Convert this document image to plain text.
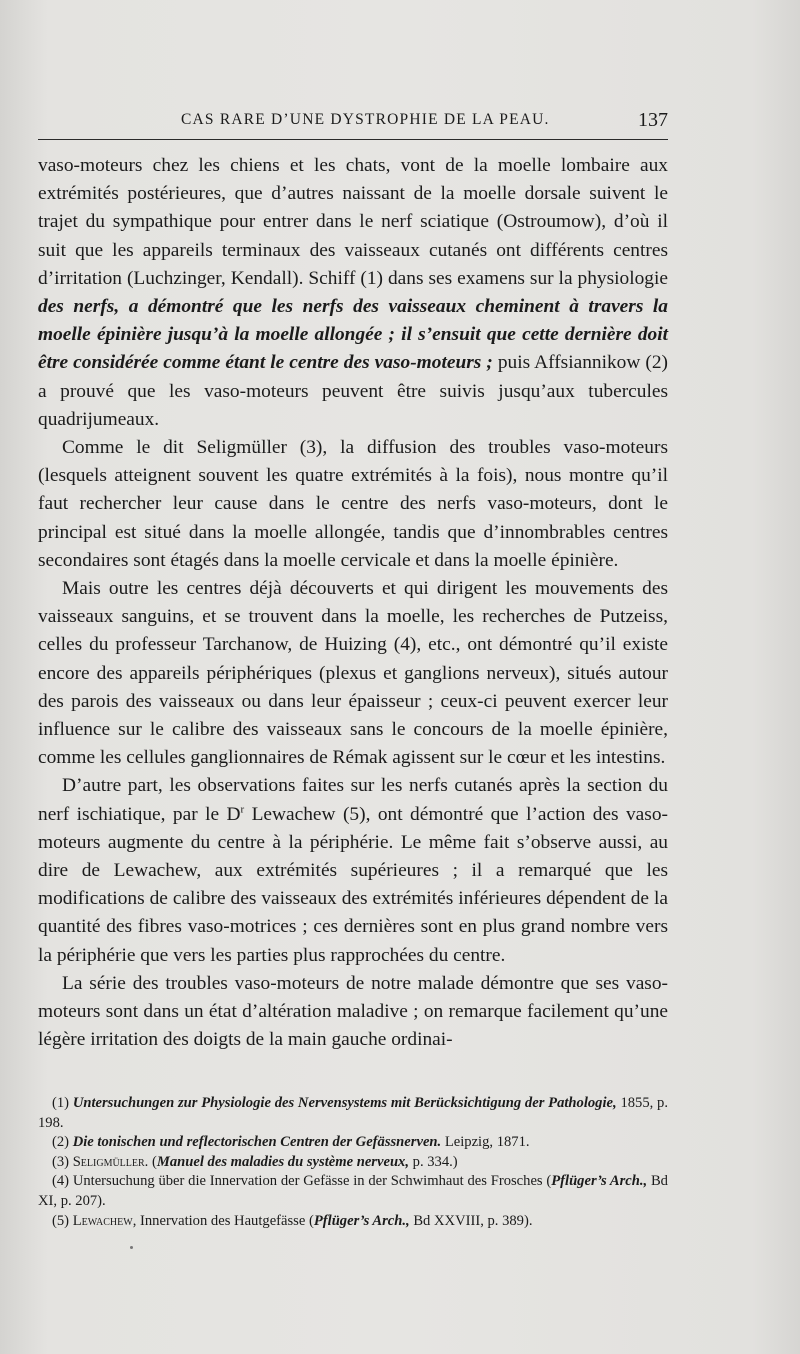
CAS RARE D’UNE DYSTROPHIE DE LA PEAU.	137

vaso-moteurs chez les chiens et les chats, vont de la moelle lombaire aux extrémités postérieures, que d’autres naissant de la moelle dorsale suivent le trajet du sympathique pour entrer dans le nerf sciatique (Ostroumow), d’où il suit que les appareils terminaux des vaisseaux cutanés ont différents centres d’irritation (Luchzinger, Kendall). Schiff (1) dans ses examens sur la physiologie des nerfs, a démontré que les nerfs des vaisseaux cheminent à travers la moelle épinière jusqu’à la moelle allongée ; il s’ensuit que cette dernière doit être considérée comme étant le centre des vaso-moteurs ; puis Affsiannikow (2) a prouvé que les vaso-moteurs peuvent être suivis jusqu’aux tubercules quadrijumeaux.

Comme le dit Seligmüller (3), la diffusion des troubles vaso-moteurs (lesquels atteignent souvent les quatre extrémités à la fois), nous montre qu’il faut rechercher leur cause dans le centre des nerfs vaso-moteurs, dont le principal est situé dans la moelle allongée, tandis que d’innombrables centres secondaires sont étagés dans la moelle cervicale et dans la moelle épinière.

Mais outre les centres déjà découverts et qui dirigent les mouvements des vaisseaux sanguins, et se trouvent dans la moelle, les recherches de Putzeiss, celles du professeur Tarchanow, de Huizing (4), etc., ont démontré qu’il existe encore des appareils périphériques (plexus et ganglions nerveux), situés autour des parois des vaisseaux ou dans leur épaisseur ; ceux-ci peuvent exercer leur influence sur le calibre des vaisseaux sans le concours de la moelle épinière, comme les cellules ganglionnaires de Rémak agissent sur le cœur et les intestins.

D’autre part, les observations faites sur les nerfs cutanés après la section du nerf ischiatique, par le $D^r$ Lewachew (5), ont démontré que l’action des vaso-moteurs augmente du centre à la périphérie. Le même fait s’observe aussi, au dire de Lewachew, aux extrémités supérieures ; il a remarqué que les modifications de calibre des vaisseaux des extrémités inférieures dépendent de la quantité des fibres vaso-motrices ; ces dernières sont en plus grand nombre vers la périphérie que vers les parties plus rapprochées du centre.

La série des troubles vaso-moteurs de notre malade démontre que ses vaso-moteurs sont dans un état d’altération maladive ; on remarque facilement qu’une légère irritation des doigts de la main gauche ordinai-

(1) Untersuchungen zur Physiologie des Nervensystems mit Berücksichtigung der Pathologie, 1855, p. 198.

(2) Die tonischen und reflectorischen Centren der Gefässnerven. Leipzig, 1871.

(3) Seligmüller. (Manuel des maladies du système nerveux, p. 334.)

(4) Untersuchung über die Innervation der Gefässe in der Schwimhaut des Frosches (Pflüger’s Arch., Bd XI, p. 207).

(5) Lewachew, Innervation des Hautgefässe (Pflüger’s Arch., Bd XXVIII, p. 389).
